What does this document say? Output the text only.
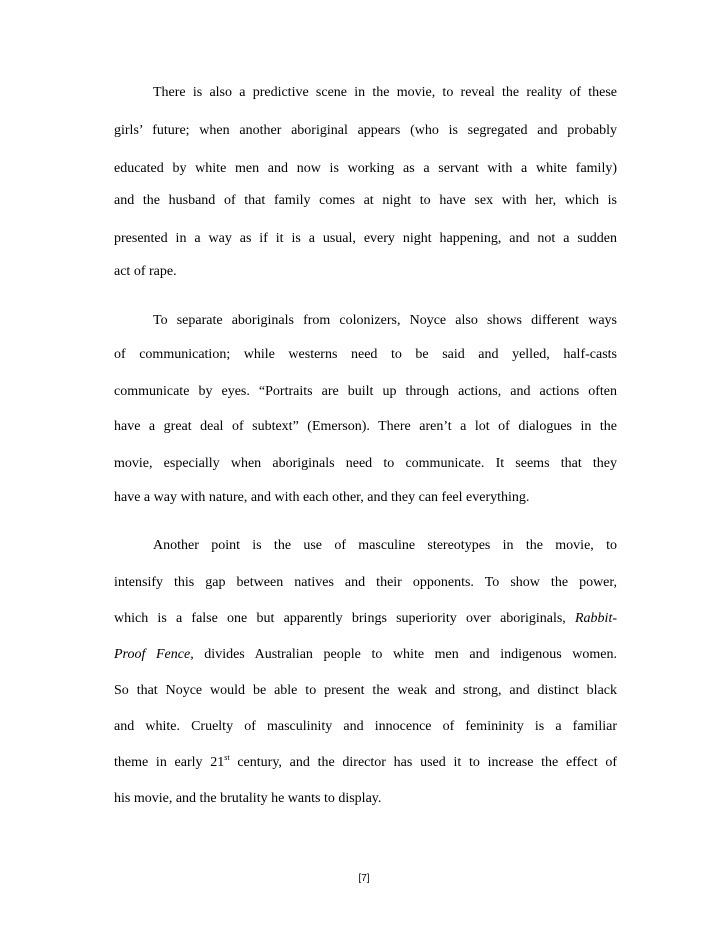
There is also a predictive scene in the movie, to reveal the reality of these
girls’ future; when another aboriginal appears (who is segregated and probably
educated by white men and now is working as a servant with a white family)
and the husband of that family comes at night to have sex with her, which is
presented in a way as if it is a usual, every night happening, and not a sudden
act of rape.
To separate aboriginals from colonizers, Noyce also shows different ways
of communication; while westerns need to be said and yelled, half-casts
communicate by eyes. “Portraits are built up through actions, and actions often
have a great deal of subtext” (Emerson). There aren’t a lot of dialogues in the
movie, especially when aboriginals need to communicate. It seems that they
have a way with nature, and with each other, and they can feel everything.
Another point is the use of masculine stereotypes in the movie, to
intensify this gap between natives and their opponents. To show the power,
which is a false one but apparently brings superiority over aboriginals, Rabbit-
Proof Fence, divides Australian people to white men and indigenous women.
So that Noyce would be able to present the weak and strong, and distinct black
and white. Cruelty of masculinity and innocence of femininity is a familiar
theme in early 21st century, and the director has used it to increase the effect of
his movie, and the brutality he wants to display.
[7]
